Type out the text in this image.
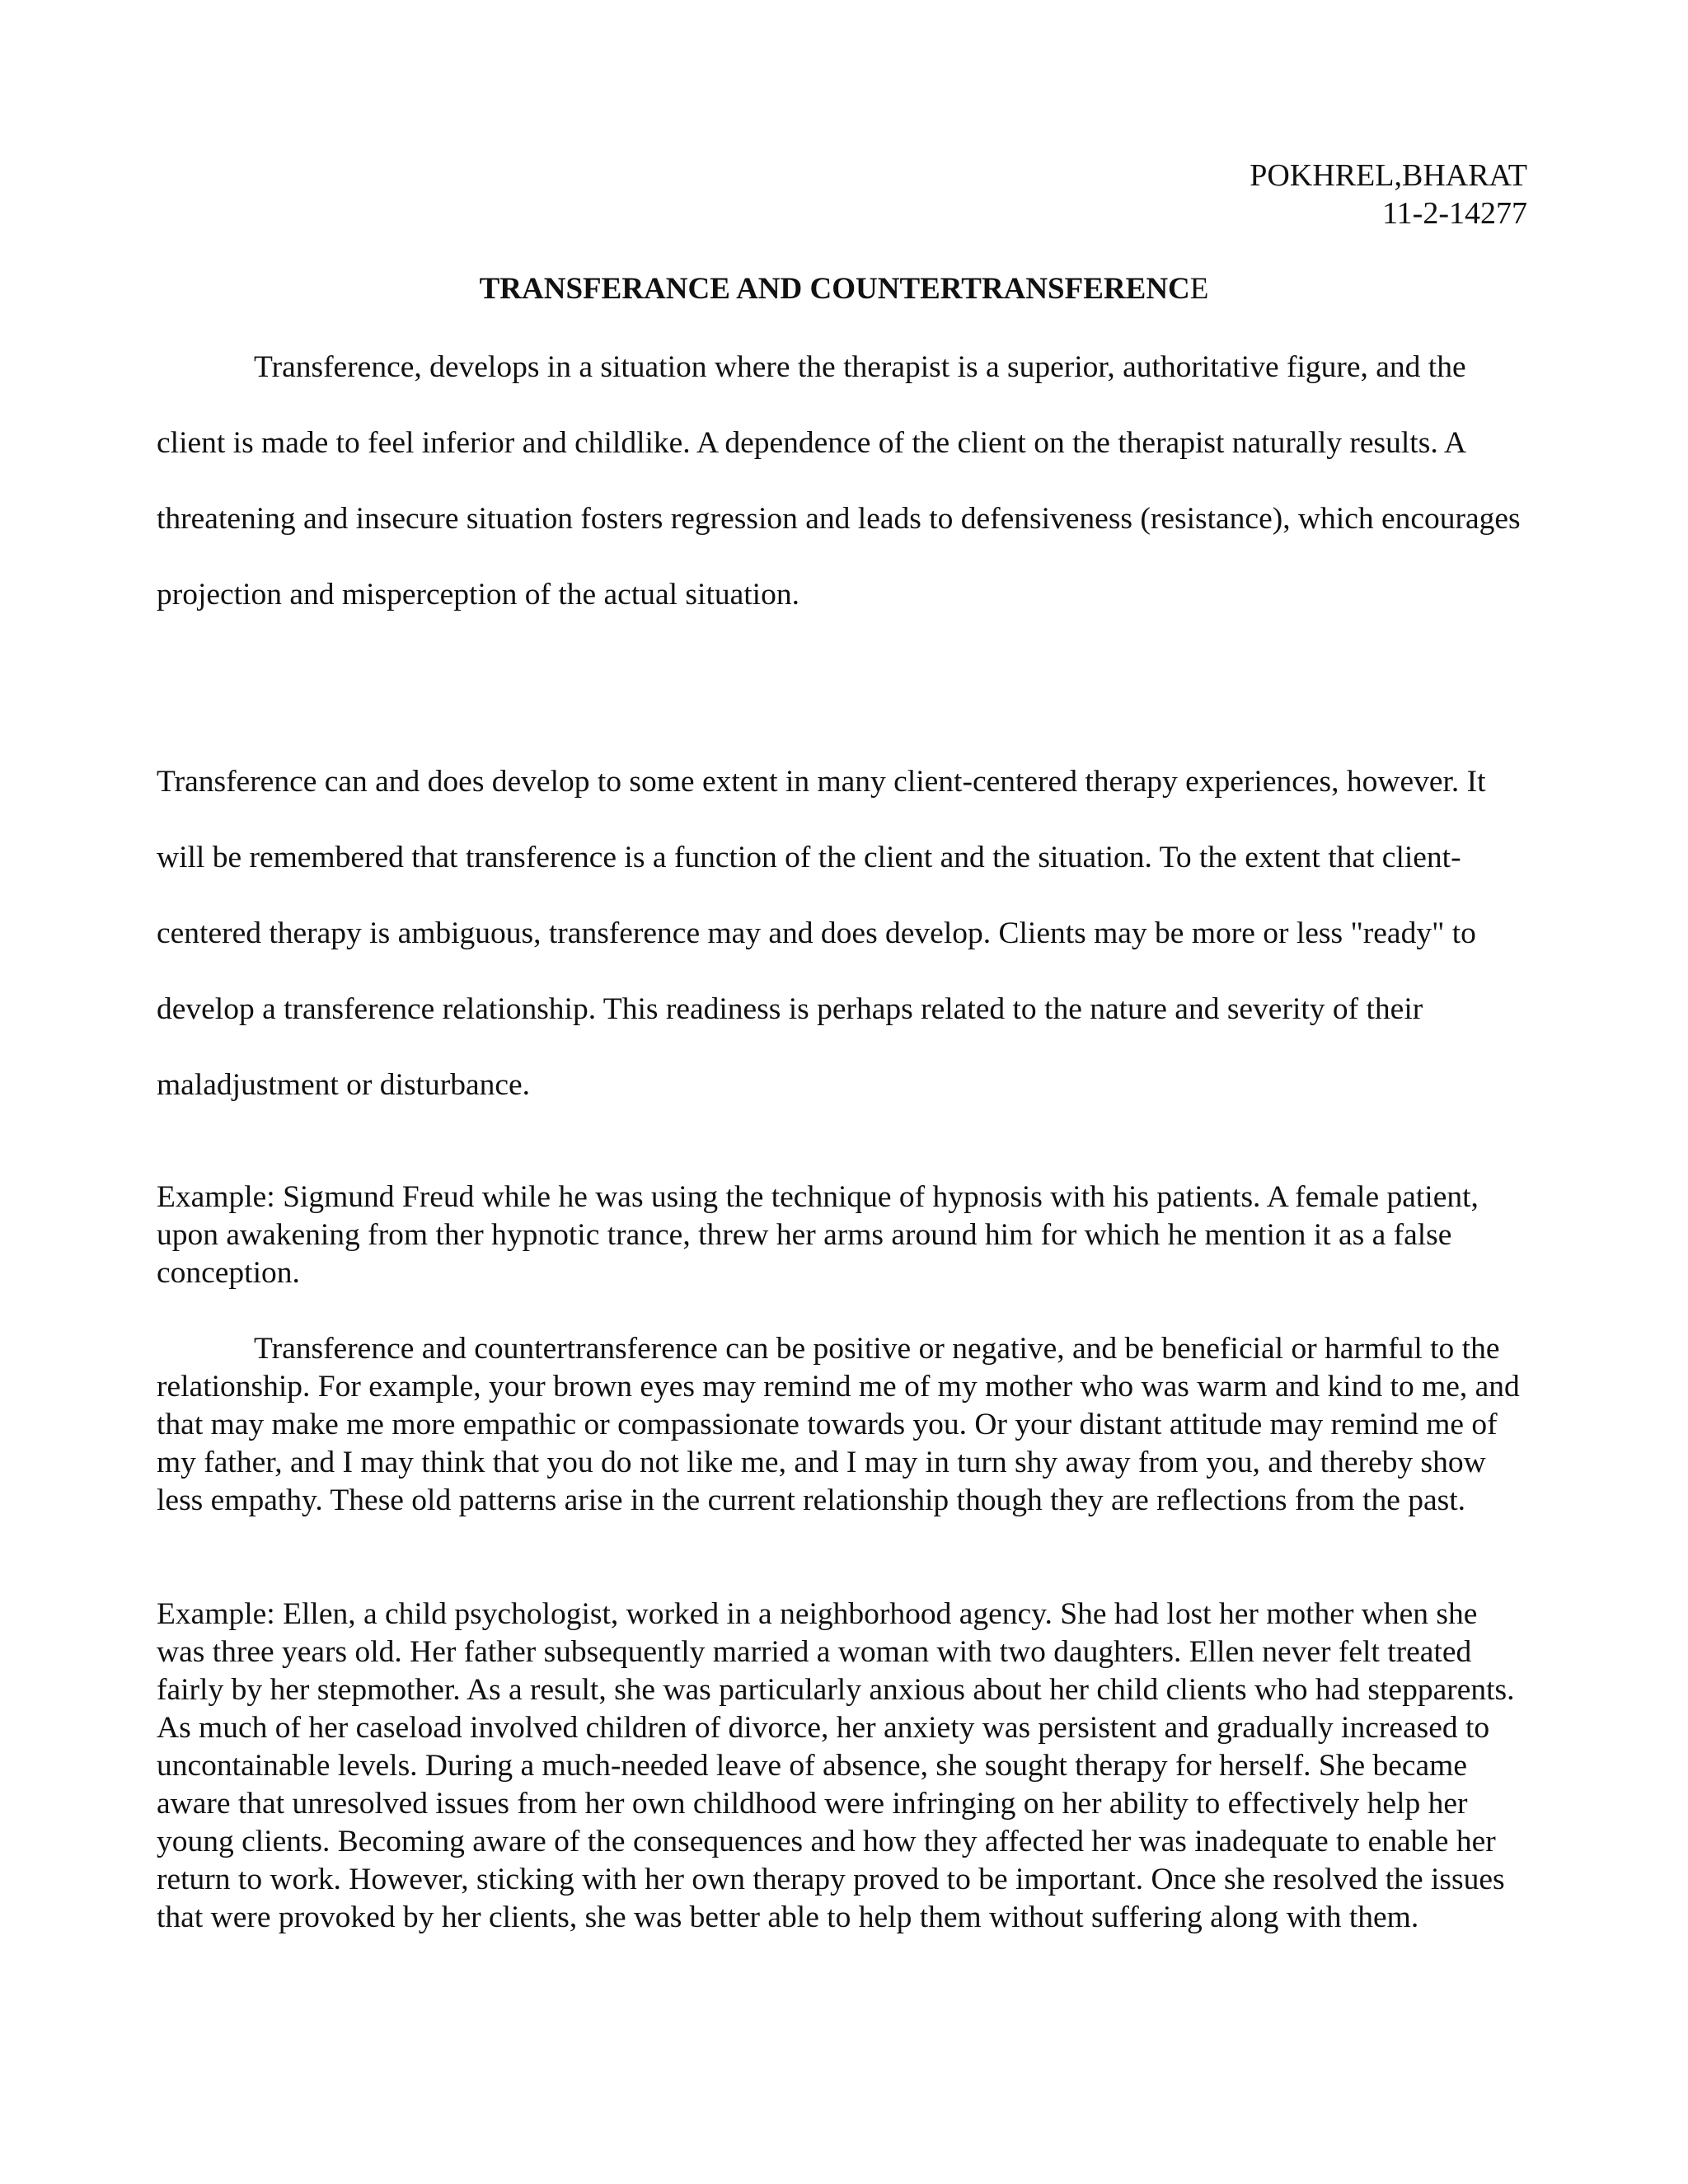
POKHREL,BHARAT
11-2-14277
TRANSFERANCE AND COUNTERTRANSFERENCE

Transference, develops in a situation where the therapist is a superior, authoritative figure, and the client is made to feel inferior and childlike. A dependence of the client on the therapist naturally results. A threatening and insecure situation fosters regression and leads to defensiveness (resistance), which encourages projection and misperception of the actual situation.

Transference can and does develop to some extent in many client-centered therapy experiences, however. It will be remembered that transference is a function of the client and the situation. To the extent that client-centered therapy is ambiguous, transference may and does develop. Clients may be more or less "ready" to develop a transference relationship. This readiness is perhaps related to the nature and severity of their maladjustment or disturbance.

Example: Sigmund Freud while he was using the technique of hypnosis with his patients. A female patient, upon awakening from ther hypnotic trance, threw her arms around him for which he mention it as a false conception.

Transference and countertransference can be positive or negative, and be beneficial or harmful to the relationship. For example, your brown eyes may remind me of my mother who was warm and kind to me, and that may make me more empathic or compassionate towards you. Or your distant attitude may remind me of my father, and I may think that you do not like me, and I may in turn shy away from you, and thereby show less empathy. These old patterns arise in the current relationship though they are reflections from the past.

Example: Ellen, a child psychologist, worked in a neighborhood agency. She had lost her mother when she was three years old. Her father subsequently married a woman with two daughters. Ellen never felt treated fairly by her stepmother. As a result, she was particularly anxious about her child clients who had stepparents. As much of her caseload involved children of divorce, her anxiety was persistent and gradually increased to uncontainable levels. During a much-needed leave of absence, she sought therapy for herself. She became aware that unresolved issues from her own childhood were infringing on her ability to effectively help her young clients. Becoming aware of the consequences and how they affected her was inadequate to enable her return to work. However, sticking with her own therapy proved to be important. Once she resolved the issues that were provoked by her clients, she was better able to help them without suffering along with them.
